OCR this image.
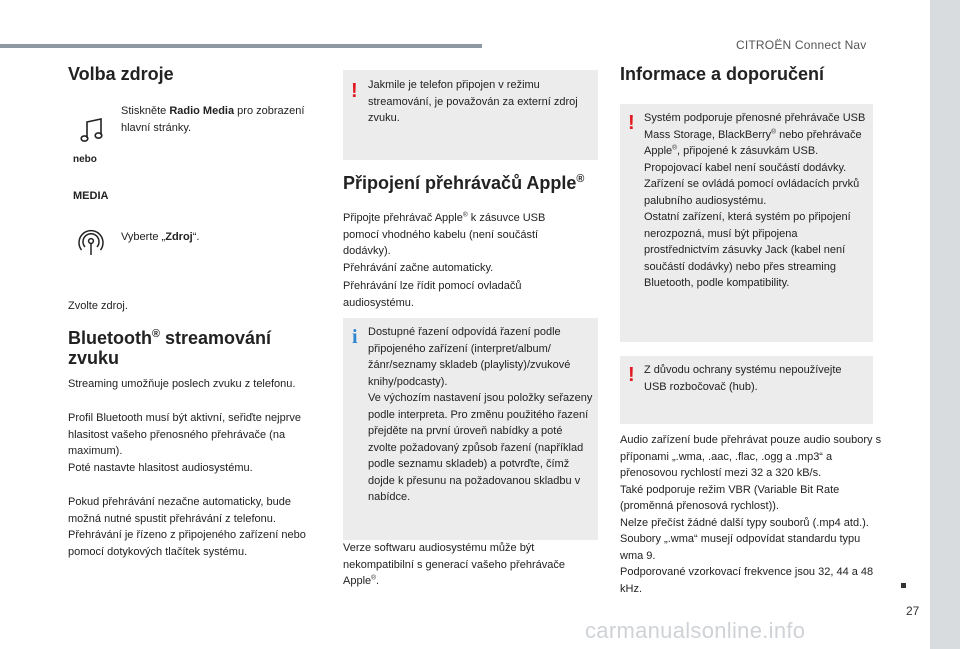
CITROËN Connect Nav
27
Volba zdroje
Stiskněte Radio Media pro zobrazení hlavní stránky.
nebo
MEDIA
Vyberte „Zdroj“.
Zvolte zdroj.
Bluetooth® streamování zvuku
Streaming umožňuje poslech zvuku z telefonu.
Profil Bluetooth musí být aktivní, seřiďte nejprve hlasitost vašeho přenosného přehrávače (na maximum).
Poté nastavte hlasitost audiosystému.
Pokud přehrávání nezačne automaticky, bude možná nutné spustit přehrávání z telefonu.
Přehrávání je řízeno z připojeného zařízení nebo pomocí dotykových tlačítek systému.
! Jakmile je telefon připojen v režimu streamování, je považován za externí zdroj zvuku.
Připojení přehrávačů Apple®
Připojte přehrávač Apple® k zásuvce USB pomocí vhodného kabelu (není součástí dodávky).
Přehrávání začne automaticky.
Přehrávání lze řídit pomocí ovladačů audiosystému.
i Dostupné řazení odpovídá řazení podle připojeného zařízení (interpret/album/žánr/seznamy skladeb (playlisty)/zvukové knihy/podcasty).
Ve výchozím nastavení jsou položky seřazeny podle interpreta. Pro změnu použitého řazení přejděte na první úroveň nabídky a poté zvolte požadovaný způsob řazení (například podle seznamu skladeb) a potvrďte, čímž dojde k přesunu na požadovanou skladbu v nabídce.
Verze softwaru audiosystému může být nekompatibilní s generací vašeho přehrávače Apple®.
Informace a doporučení
! Systém podporuje přenosné přehrávače USB Mass Storage, BlackBerry® nebo přehrávače Apple®, připojené k zásuvkám USB. Propojovací kabel není součástí dodávky.
Zařízení se ovládá pomocí ovládacích prvků palubního audiosystému.
Ostatní zařízení, která systém po připojení nerozpozná, musí být připojena prostřednictvím zásuvky Jack (kabel není součástí dodávky) nebo přes streaming Bluetooth, podle kompatibility.
! Z důvodu ochrany systému nepoužívejte USB rozbočovač (hub).
Audio zařízení bude přehrávat pouze audio soubory s příponami „.wma, .aac, .flac, .ogg a .mp3“ a přenosovou rychlostí mezi 32 a 320 kB/s.
Také podporuje režim VBR (Variable Bit Rate (proměnná přenosová rychlost)).
Nelze přečíst žádné další typy souborů (.mp4 atd.).
Soubory „.wma“ musejí odpovídat standardu typu wma 9.
Podporované vzorkovací frekvence jsou 32, 44 a 48 kHz.
carmanualsonline.info
